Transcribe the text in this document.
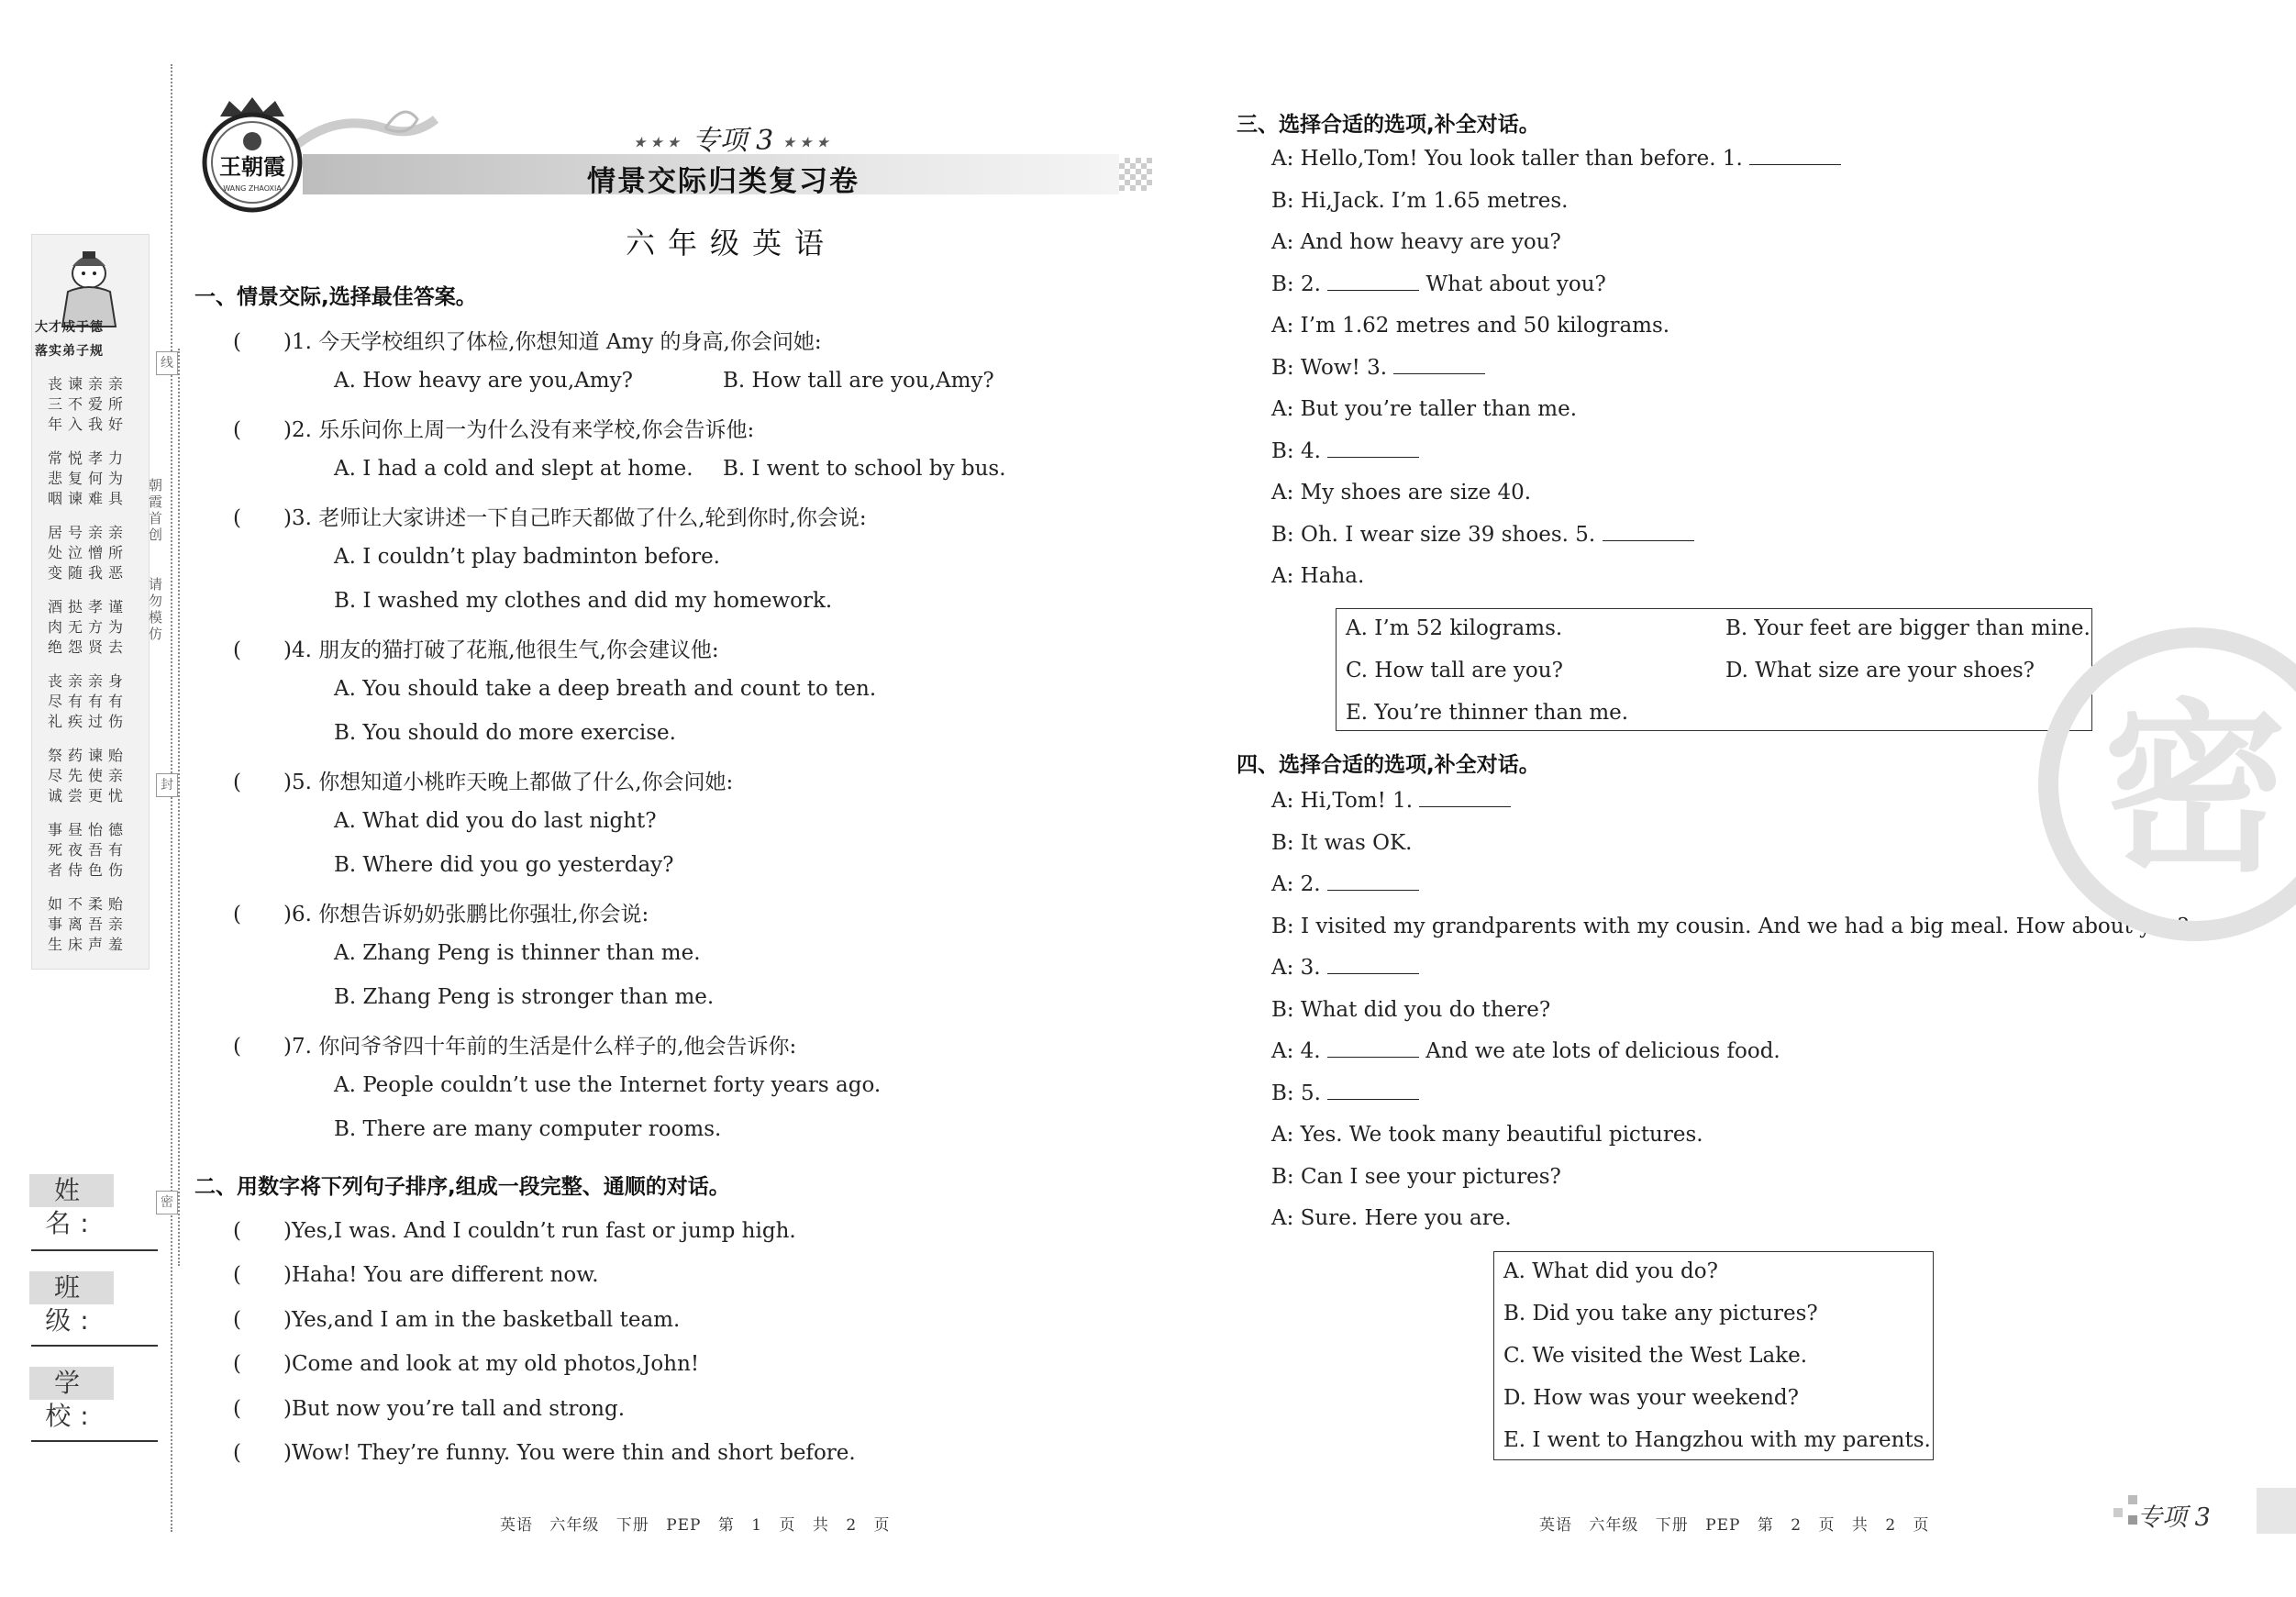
大才成于德
落实弟子规
丧谏亲亲
三不爱所
年入我好
常悦孝力
悲复何为
咽谏难具
居号亲亲
处泣憎所
变随我恶
酒挞孝谨
肉无方为
绝怨贤去
丧亲亲身
尽有有有
礼疾过伤
祭药谏贻
尽先使亲
诚尝更忧
事昼怡德
死夜吾有
者侍色伤
如不柔贻
事离吾亲
生床声羞
线
朝霞首创
请勿模仿
封
密
姓名:
班级:
学校:
王朝霞
WANG ZHAOXIA
★★★ 专项 3 ★★★
情景交际归类复习卷
六年级英语
一、情景交际,选择最佳答案。
(　　)1. 今天学校组织了体检,你想知道 Amy 的身高,你会问她:
A. How heavy are you,Amy?	B. How tall are you,Amy?
(　　)2. 乐乐问你上周一为什么没有来学校,你会告诉他:
A. I had a cold and slept at home. B. I went to school by bus.
(　　)3. 老师让大家讲述一下自己昨天都做了什么,轮到你时,你会说:
A. I couldn’t play badminton before.
B. I washed my clothes and did my homework.
(　　)4. 朋友的猫打破了花瓶,他很生气,你会建议他:
A. You should take a deep breath and count to ten.
B. You should do more exercise.
(　　)5. 你想知道小桃昨天晚上都做了什么,你会问她:
A. What did you do last night?
B. Where did you go yesterday?
(　　)6. 你想告诉奶奶张鹏比你强壮,你会说:
A. Zhang Peng is thinner than me.
B. Zhang Peng is stronger than me.
(　　)7. 你问爷爷四十年前的生活是什么样子的,他会告诉你:
A. People couldn’t use the Internet forty years ago.
B. There are many computer rooms.
二、用数字将下列句子排序,组成一段完整、通顺的对话。
(　　)Yes,I was. And I couldn’t run fast or jump high.
(　　)Haha! You are different now.
(　　)Yes,and I am in the basketball team.
(　　)Come and look at my old photos,John!
(　　)But now you’re tall and strong.
(　　)Wow! They’re funny. You were thin and short before.
三、选择合适的选项,补全对话。
A: Hello,Tom! You look taller than before. 1.
B: Hi,Jack. I’m 1.65 metres.
A: And how heavy are you?
B: 2.	What about you?
A: I’m 1.62 metres and 50 kilograms.
B: Wow! 3.
A: But you’re taller than me.
B: 4.
A: My shoes are size 40.
B: Oh. I wear size 39 shoes. 5.
A: Haha.
A. I’m 52 kilograms.	B. Your feet are bigger than mine.
C. How tall are you?	D. What size are your shoes?
E. You’re thinner than me.
四、选择合适的选项,补全对话。
A: Hi,Tom! 1.
B: It was OK.
A: 2.
B: I visited my grandparents with my cousin. And we had a big meal. How about you?
A: 3.
B: What did you do there?
A: 4.	And we ate lots of delicious food.
B: 5.
A: Yes. We took many beautiful pictures.
B: Can I see your pictures?
A: Sure. Here you are.
A. What did you do?
B. Did you take any pictures?
C. We visited the West Lake.
D. How was your weekend?
E. I went to Hangzhou with my parents.
密
英语 六年级 下册 PEP 第 1 页 共 2 页	英语 六年级 下册 PEP 第 2 页 共 2 页	专项 3
